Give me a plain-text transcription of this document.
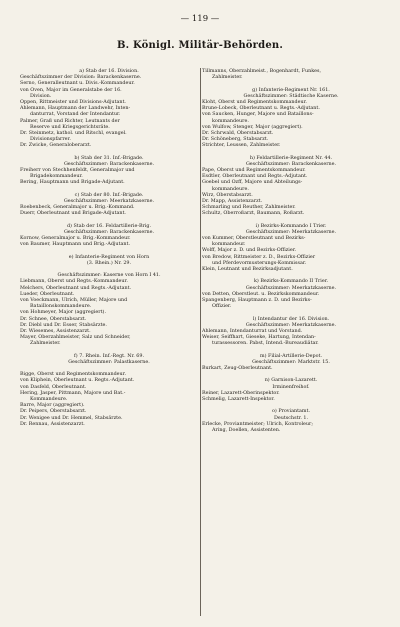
— 119 —
B. Königl. Militär-Behörden.
a) Stab der 16. Division.
Geschäftszimmer der Division: Barackenkaserne.
Serno, Generalleutnant u. Divis.-Kommandeur.
von Oven, Major im Generalstabe der 16.
Division.
Oppen, Rittmeister und Divisions-Adjutant.
Ahlemann, Hauptmann der Landwehr, Inten-
danturrat, Vorstand der Intendantur.
Palmer, Graß und Richter, Leutnants der
Reserve und Kriegsgerichtsräte.
Dr. Steinmetz, kathol. und Ritschl, evangel.
Divisionspfarrer.
Dr. Zwicke, Generaloberarzt.
b) Stab der 31. Inf.-Brigade.
Geschäftszimmer: Barackenkaserne.
Freiherr von Stechhenfeldt, Generalmajor und
Brigadekommandeur.
Bering, Hauptmann und Brigade-Adjutant.
c) Stab der 80. Inf.-Brigade.
Geschäftszimmer: Meerkatzkaserne.
Roebenbeck, Generalmajor u. Brig.-Kommand.
Duerr, Oberleutnant und Brigade-Adjutant.
d) Stab der 16. Feldartillerie-Brig.
Geschäftszimmer: Barackenkaserne.
Kornow, Generalmajor u. Brig.-Kommandeur.
von Baumer, Hauptmann und Brig.-Adjutant.
e) Infanterie-Regiment von Horn
(3. Rhein.) Nr. 29.
Geschäftszimmer: Kaserne von Horn I 41.
Liebmann, Oberst und Regts.-Kommandeur.
Melchers, Oberleutnant und Regts.-Adjutant.
Lueder, Oberleutnant.
von Voeckmann, Ulrich, Müller, Majore und
Bataillonskommandeure.
von Hohmeyer, Major (aggregiert).
Dr. Schnee, Oberstabsarzt.
Dr. Diebl und Dr. Esser, Stabsärzte.
Dr. Wiesemes, Assistenzarzt.
Mayer, Oberzahlmeister, Salz und Schneider,
Zahlmeister.
f) 7. Rhein. Inf.-Regt. Nr. 69.
Geschäftszimmer: Palastkaserne.
Bigge, Oberst und Regimentskommandeur.
von Kliphein, Oberleutnant u. Regts.-Adjutant.
von Dasfeld, Oberleutnant.
Hering, Jasper, Pittmann, Majore und Bat.-
Kommandeure.
Barre, Major (aggregiert).
Dr. Peipers, Oberstabsarzt.
Dr. Wenigee und Dr. Hemmel, Stabsärzte.
Dr. Rennau, Assistenzarzt.
Tillmanns, Oberzahlmeist., Bogenhardt, Funkes,
Zahlmeister.
g) Infanterie-Regiment Nr. 161.
Geschäftszimmer: Städtische Kaserne.
Kloht, Oberst und Regimentskommandeur.
Brune-Lobeck, Oberleutnant u. Regts.-Adjutant.
von Saucken, Hunger, Majore und Bataillons-
kommandeure.
von Wulfow, Stenger, Major (aggregiert).
Dr. Schrwald, Oberstabsarzt.
Dr. Schöneberg, Stabsarzt.
Strichter, Leussen, Zahlmeister.
h) Feldartillerie-Regiment Nr. 44.
Geschäftszimmer: Barackenkaserne.
Pape, Oberst und Regimentskommandeur.
Esdtler, Oberleutnant und Regts.-Adjutant.
Goebel und Ozff, Majore und Abteilungs-
kommandeure.
Wirz, Oberstabsarzt.
Dr. Mapp, Assistenzarzt.
Schmarling und Reuther, Zahlmeister.
Schultz, Oberroßarzt, Baumann, Roßarzt.
i) Bezirks-Kommando I Trier.
Geschäftszimmer: Meerkatzkaserne.
von Kummer, Oberstleutnant und Bezirks-
kommandeur.
Wolff, Major z. D. und Bezirks-Offizier.
von Bredow, Rittmeister z. D., Bezirks-Offizier
und Pferdevormusterungs-Kommissar.
Klein, Leutnant und Bezirksadjutant.
k) Bezirks-Kommando II Trier.
Geschäftszimmer: Meerkatzkaserne.
von Detten, Oberstleut. u. Bezirkskommandeur.
Spangenberg, Hauptmann z. D. und Bezirks-
Offizier.
l) Intendantur der 16. Division.
Geschäftszimmer: Meerkatzkaserne.
Ahlemann, Intendanturrat und Vorstand.
Weiser, Seiffhart, Gieseke, Hartung, Intendan-
turassessoren. Pabst, Intend.-Bureaudiätar.
m) Filial-Artillerie-Depot.
Geschäftszimmer: Marktstr. 15.
Burkart, Zeug-Oberleutnant.
n) Garnison-Lazarett.
Irminenfreihof.
Reiner, Lazarett-Oberinspektor.
Schmelig, Lazarett-Inspektor.
o) Proviantamt.
Deutschstr. 1.
Erlecke, Proviantmeister; Ulrich, Kontroleur;
Aring, Doellen, Assistenten.
